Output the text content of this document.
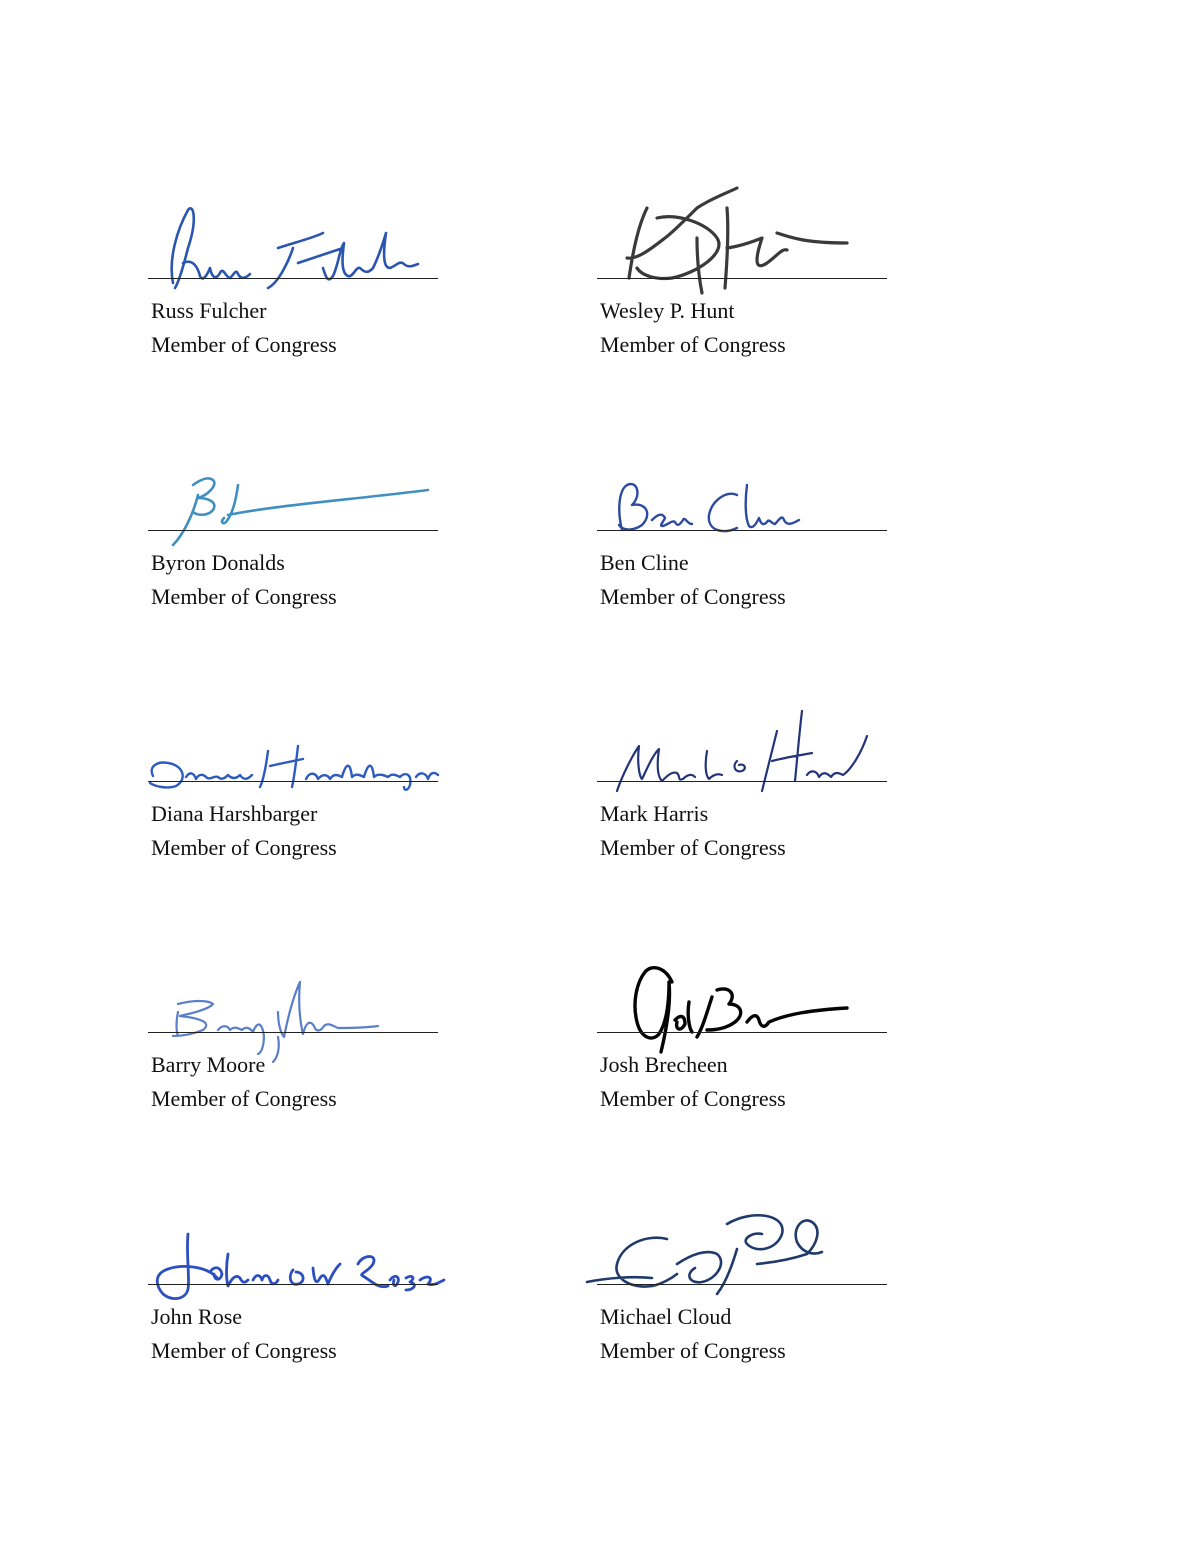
Russ Fulcher
Member of Congress
Wesley P. Hunt
Member of Congress
Byron Donalds
Member of Congress
Ben Cline
Member of Congress
Diana Harshbarger
Member of Congress
Mark Harris
Member of Congress
Barry Moore
Member of Congress
Josh Brecheen
Member of Congress
John Rose
Member of Congress
Michael Cloud
Member of Congress
